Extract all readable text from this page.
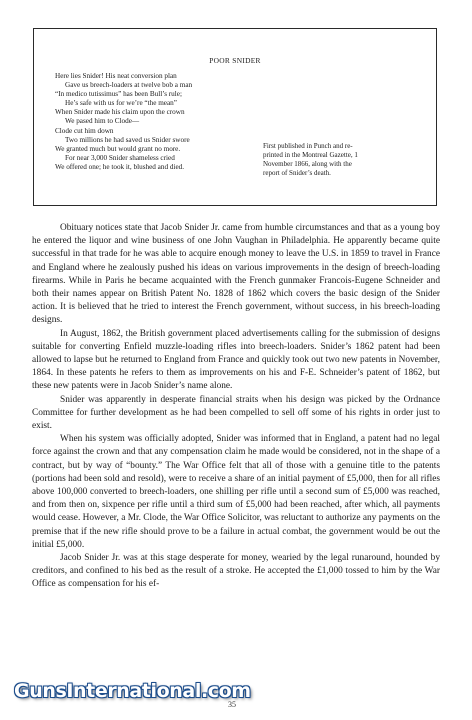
POOR SNIDER
Here lies Snider! His neat conversion plan
Gave us breech-loaders at twelve bob a man
“In medico tutissimus” has been Bull’s rule;
He’s safe with us for we’re “the mean”
When Snider made his claim upon the crown
We pased him to Clode—
Clode cut him down
Two millions he had saved us Snider swore
We granted much but would grant no more.
For near 3,000 Snider shameless cried
We offered one; he took it, blushed and died.
First published in Punch and re-
printed in the Montreal Gazette, 1
November 1866, along with the
report of Snider’s death.

Obituary notices state that Jacob Snider Jr. came from humble circumstances and that as a young boy he entered the liquor and wine business of one John Vaughan in Philadelphia. He apparently became quite successful in that trade for he was able to acquire enough money to leave the U.S. in 1859 to travel in France and England where he zealously pushed his ideas on various improvements in the design of breech-loading firearms. While in Paris he became acquainted with the French gunmaker Francois-Eugene Schneider and both their names appear on British Patent No. 1828 of 1862 which covers the basic design of the Snider action. It is believed that he tried to interest the French government, without success, in his breech-loading designs.

In August, 1862, the British government placed advertisements calling for the submission of designs suitable for converting Enfield muzzle-loading rifles into breech-loaders. Snider’s 1862 patent had been allowed to lapse but he returned to England from France and quickly took out two new patents in November, 1864. In these patents he refers to them as improvements on his and F-E. Schneider’s patent of 1862, but these new patents were in Jacob Snider’s name alone.

Snider was apparently in desperate financial straits when his design was picked by the Ordnance Committee for further development as he had been compelled to sell off some of his rights in order just to exist.

When his system was officially adopted, Snider was informed that in England, a patent had no legal force against the crown and that any compensation claim he made would be considered, not in the shape of a contract, but by way of “bounty.” The War Office felt that all of those with a genuine title to the patents (portions had been sold and resold), were to receive a share of an initial payment of £5,000, then for all rifles above 100,000 converted to breech-loaders, one shilling per rifle until a second sum of £5,000 was reached, and from then on, sixpence per rifle until a third sum of £5,000 had been reached, after which, all payments would cease. However, a Mr. Clode, the War Office Solicitor, was reluctant to authorize any payments on the premise that if the new rifle should prove to be a failure in actual combat, the government would be out the initial £5,000.

Jacob Snider Jr. was at this stage desperate for money, wearied by the legal runaround, hounded by creditors, and confined to his bed as the result of a stroke. He accepted the £1,000 tossed to him by the War Office as compensation for his ef-

35
GunsInternational.com
